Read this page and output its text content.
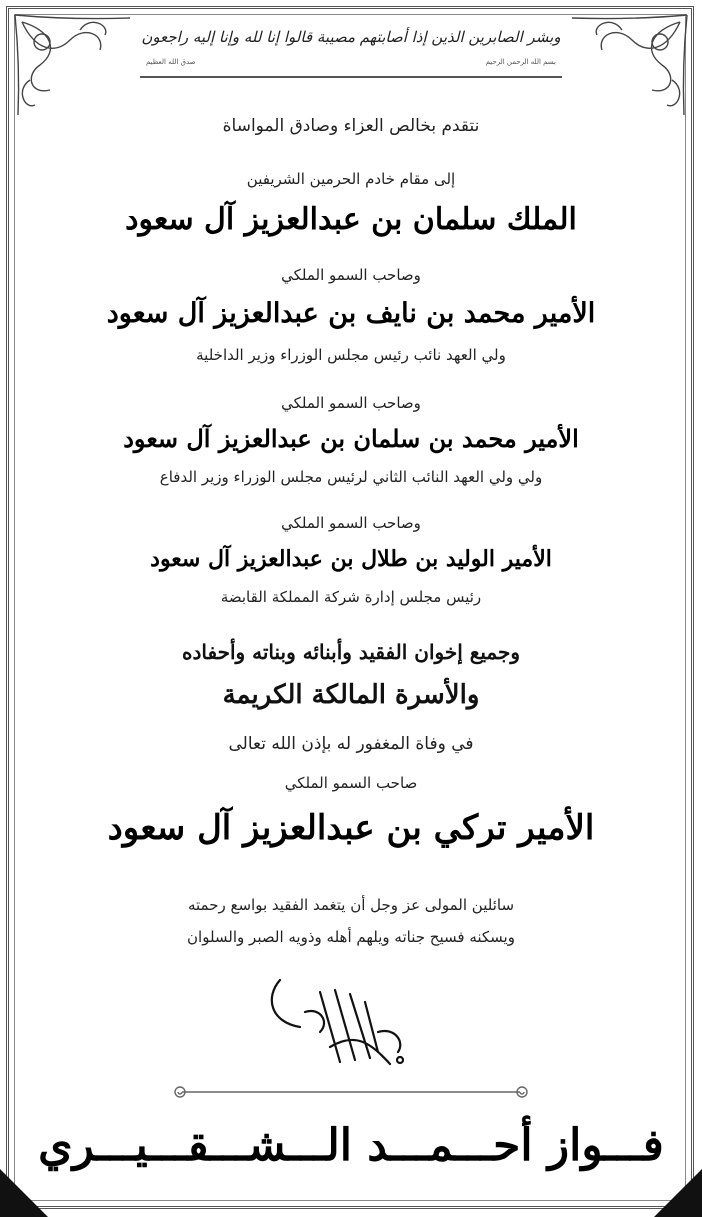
وبشر الصابرين الذين إذا أصابتهم مصيبة قالوا إنا لله وإنا إليه راجعون
بسم الله الرحمن الرحيم
صدق الله العظيم
نتقدم بخالص العزاء وصادق المواساة
إلى مقام خادم الحرمين الشريفين
الملك سلمان بن عبدالعزيز آل سعود
وصاحب السمو الملكي
الأمير محمد بن نايف بن عبدالعزيز آل سعود
ولي العهد نائب رئيس مجلس الوزراء وزير الداخلية
وصاحب السمو الملكي
الأمير محمد بن سلمان بن عبدالعزيز آل سعود
ولي ولي العهد النائب الثاني لرئيس مجلس الوزراء وزير الدفاع
وصاحب السمو الملكي
الأمير الوليد بن طلال بن عبدالعزيز آل سعود
رئيس مجلس إدارة شركة المملكة القابضة
وجميع إخوان الفقيد وأبنائه وبناته وأحفاده
والأسرة المالكة الكريمة
في وفاة المغفور له بإذن الله تعالى
صاحب السمو الملكي
الأمير تركي بن عبدالعزيز آل سعود
سائلين المولى عز وجل أن يتغمد الفقيد بواسع رحمته
ويسكنه فسيح جناته ويلهم أهله وذويه الصبر والسلوان
فـــواز أحـــمـــد الـــشـــقـــيـــري
